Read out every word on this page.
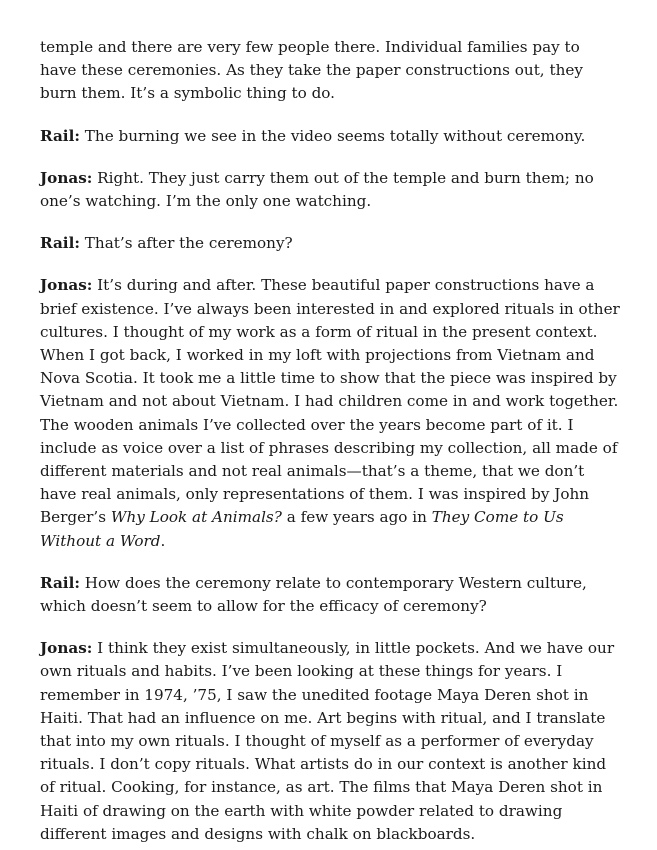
temple and there are very few people there. Individual families pay to have these ceremonies. As they take the paper constructions out, they burn them. It’s a symbolic thing to do.

Rail: The burning we see in the video seems totally without ceremony.

Jonas: Right. They just carry them out of the temple and burn them; no one’s watching. I’m the only one watching.

Rail: That’s after the ceremony?

Jonas: It’s during and after. These beautiful paper constructions have a brief existence. I’ve always been interested in and explored rituals in other cultures. I thought of my work as a form of ritual in the present context. When I got back, I worked in my loft with projections from Vietnam and Nova Scotia. It took me a little time to show that the piece was inspired by Vietnam and not about Vietnam. I had children come in and work together. The wooden animals I’ve collected over the years become part of it. I include as voice over a list of phrases describing my collection, all made of different materials and not real animals—that’s a theme, that we don’t have real animals, only representations of them. I was inspired by John Berger’s Why Look at Animals? a few years ago in They Come to Us Without a Word.

Rail: How does the ceremony relate to contemporary Western culture, which doesn’t seem to allow for the efficacy of ceremony?

Jonas: I think they exist simultaneously, in little pockets. And we have our own rituals and habits. I’ve been looking at these things for years. I remember in 1974, ’75, I saw the unedited footage Maya Deren shot in Haiti. That had an influence on me. Art begins with ritual, and I translate that into my own rituals. I thought of myself as a performer of everyday rituals. I don’t copy rituals. What artists do in our context is another kind of ritual. Cooking, for instance, as art. The films that Maya Deren shot in Haiti of drawing on the earth with white powder related to drawing different images and designs with chalk on blackboards.
